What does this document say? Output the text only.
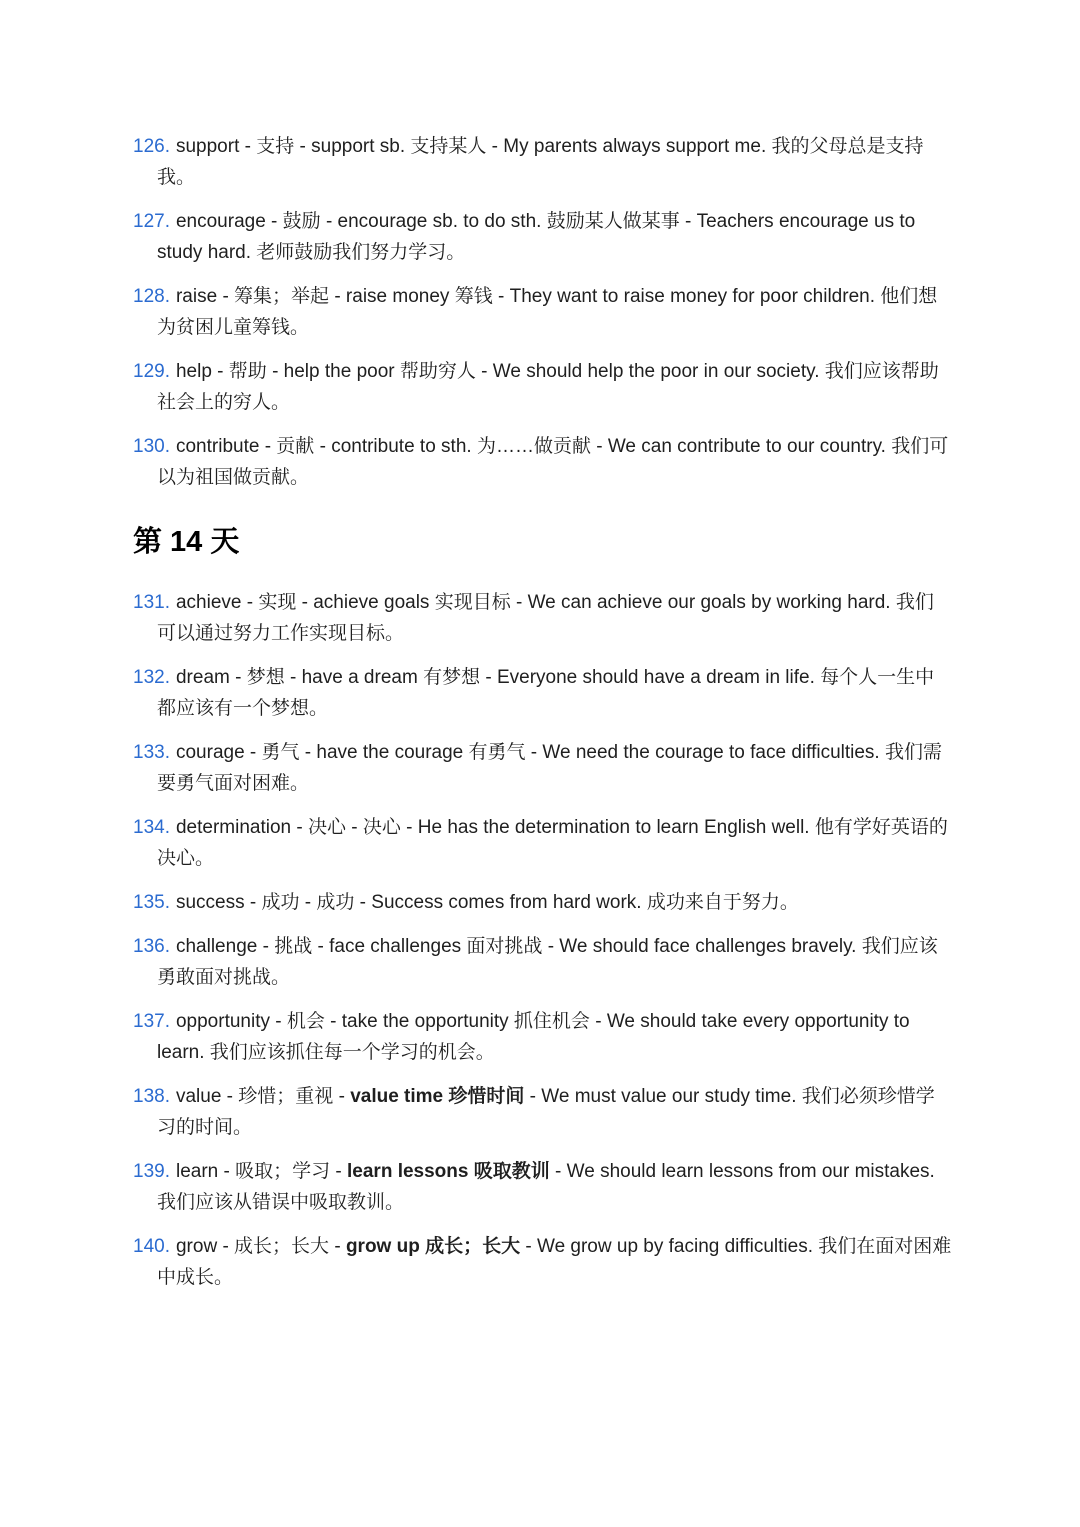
126. support - 支持 - support sb. 支持某人 - My parents always support me. 我的父母总是支持我。
127. encourage - 鼓励 - encourage sb. to do sth. 鼓励某人做某事 - Teachers encourage us to study hard. 老师鼓励我们努力学习。
128. raise - 筹集；举起 - raise money 筹钱 - They want to raise money for poor children. 他们想为贫困儿童筹钱。
129. help - 帮助 - help the poor 帮助穷人 - We should help the poor in our society. 我们应该帮助社会上的穷人。
130. contribute - 贡献 - contribute to sth. 为……做贡献 - We can contribute to our country. 我们可以为祖国做贡献。
第 14 天
131. achieve - 实现 - achieve goals 实现目标 - We can achieve our goals by working hard. 我们可以通过努力工作实现目标。
132. dream - 梦想 - have a dream 有梦想 - Everyone should have a dream in life. 每个人一生中都应该有一个梦想。
133. courage - 勇气 - have the courage 有勇气 - We need the courage to face difficulties. 我们需要勇气面对困难。
134. determination - 决心 - 决心 - He has the determination to learn English well. 他有学好英语的决心。
135. success - 成功 - 成功 - Success comes from hard work. 成功来自于努力。
136. challenge - 挑战 - face challenges 面对挑战 - We should face challenges bravely. 我们应该勇敢面对挑战。
137. opportunity - 机会 - take the opportunity 抓住机会 - We should take every opportunity to learn. 我们应该抓住每一个学习的机会。
138. value - 珍惜；重视 - value time 珍惜时间 - We must value our study time. 我们必须珍惜学习的时间。
139. learn - 吸取；学习 - learn lessons 吸取教训 - We should learn lessons from our mistakes. 我们应该从错误中吸取教训。
140. grow - 成长；长大 - grow up 成长；长大 - We grow up by facing difficulties. 我们在面对困难中成长。
